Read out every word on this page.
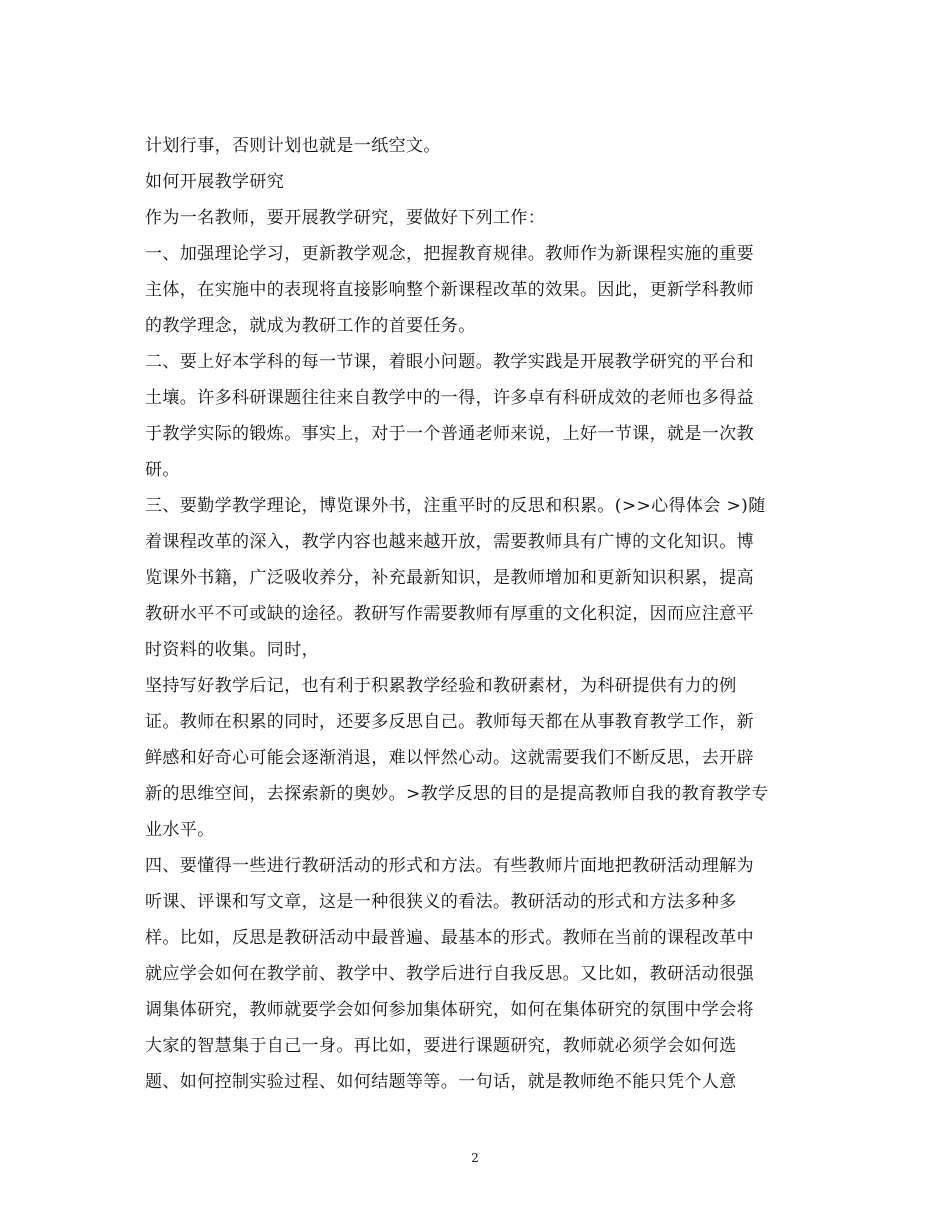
计划行事，否则计划也就是一纸空文。
如何开展教学研究
作为一名教师，要开展教学研究，要做好下列工作：
一、加强理论学习，更新教学观念，把握教育规律。教师作为新课程实施的重要
主体，在实施中的表现将直接影响整个新课程改革的效果。因此，更新学科教师
的教学理念，就成为教研工作的首要任务。
二、要上好本学科的每一节课，着眼小问题。教学实践是开展教学研究的平台和
土壤。许多科研课题往往来自教学中的一得，许多卓有科研成效的老师也多得益
于教学实际的锻炼。事实上，对于一个普通老师来说，上好一节课，就是一次教
研。
三、要勤学教学理论，博览课外书，注重平时的反思和积累。(>>心得体会 >)随
着课程改革的深入，教学内容也越来越开放，需要教师具有广博的文化知识。博
览课外书籍，广泛吸收养分，补充最新知识，是教师增加和更新知识积累，提高
教研水平不可或缺的途径。教研写作需要教师有厚重的文化积淀，因而应注意平
时资料的收集。同时，
坚持写好教学后记，也有利于积累教学经验和教研素材，为科研提供有力的例
证。教师在积累的同时，还要多反思自己。教师每天都在从事教育教学工作，新
鲜感和好奇心可能会逐渐消退，难以怦然心动。这就需要我们不断反思，去开辟
新的思维空间，去探索新的奥妙。>教学反思的目的是提高教师自我的教育教学专
业水平。
四、要懂得一些进行教研活动的形式和方法。有些教师片面地把教研活动理解为
听课、评课和写文章，这是一种很狭义的看法。教研活动的形式和方法多种多
样。比如，反思是教研活动中最普遍、最基本的形式。教师在当前的课程改革中
就应学会如何在教学前、教学中、教学后进行自我反思。又比如，教研活动很强
调集体研究，教师就要学会如何参加集体研究，如何在集体研究的氛围中学会将
大家的智慧集于自己一身。再比如，要进行课题研究，教师就必须学会如何选
题、如何控制实验过程、如何结题等等。一句话，就是教师绝不能只凭个人意
2
